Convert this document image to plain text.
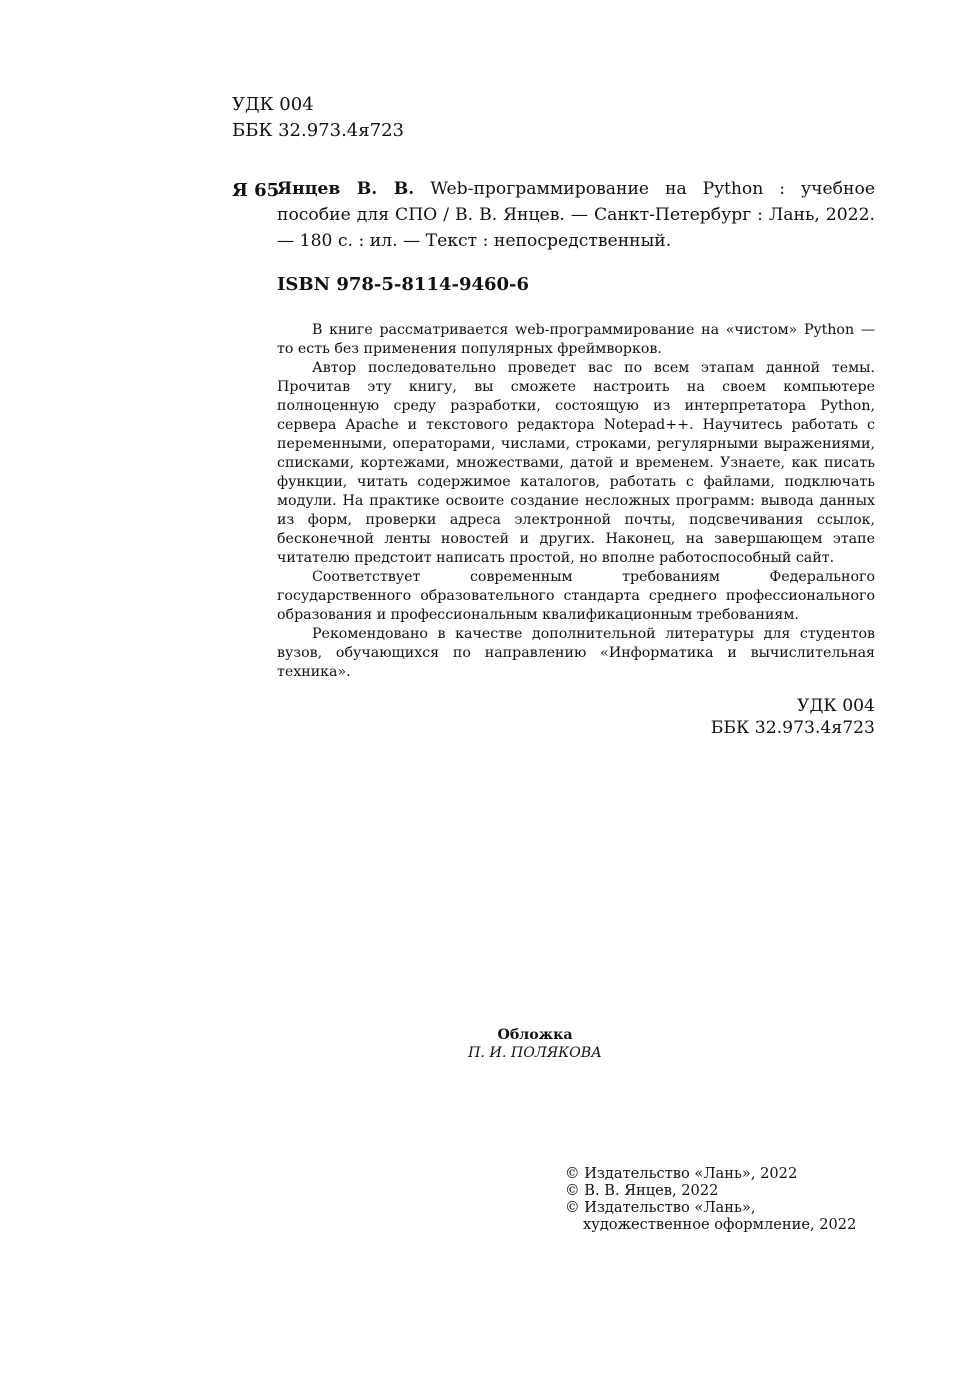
УДК 004
ББК 32.973.4я723
Я 65
Янцев В. В. Web-программирование на Python : учебное пособие для СПО / В. В. Янцев. — Санкт-Петербург : Лань, 2022. — 180 с. : ил. — Текст : непосредственный.
ISBN 978-5-8114-9460-6

В книге рассматривается web-программирование на «чистом» Python — то есть без применения популярных фреймворков.

Автор последовательно проведет вас по всем этапам данной темы. Прочитав эту книгу, вы сможете настроить на своем компьютере полноценную среду разработки, состоящую из интерпретатора Python, сервера Apache и текстового редактора Notepad++. Научитесь работать с переменными, операторами, числами, строками, регулярными выражениями, списками, кортежами, множествами, датой и временем. Узнаете, как писать функции, читать содержимое каталогов, работать с файлами, подключать модули. На практике освоите создание несложных программ: вывода данных из форм, проверки адреса электронной почты, подсвечивания ссылок, бесконечной ленты новостей и других. Наконец, на завершающем этапе читателю предстоит написать простой, но вполне работоспособный сайт.

Соответствует современным требованиям Федерального государственного образовательного стандарта среднего профессионального образования и профессиональным квалификационным требованиям.

Рекомендовано в качестве дополнительной литературы для студентов вузов, обучающихся по направлению «Информатика и вычислительная техника».

УДК 004
ББК 32.973.4я723
Обложка
П. И. ПОЛЯКОВА
© Издательство «Лань», 2022
© В. В. Янцев, 2022
© Издательство «Лань»,
художественное оформление, 2022
